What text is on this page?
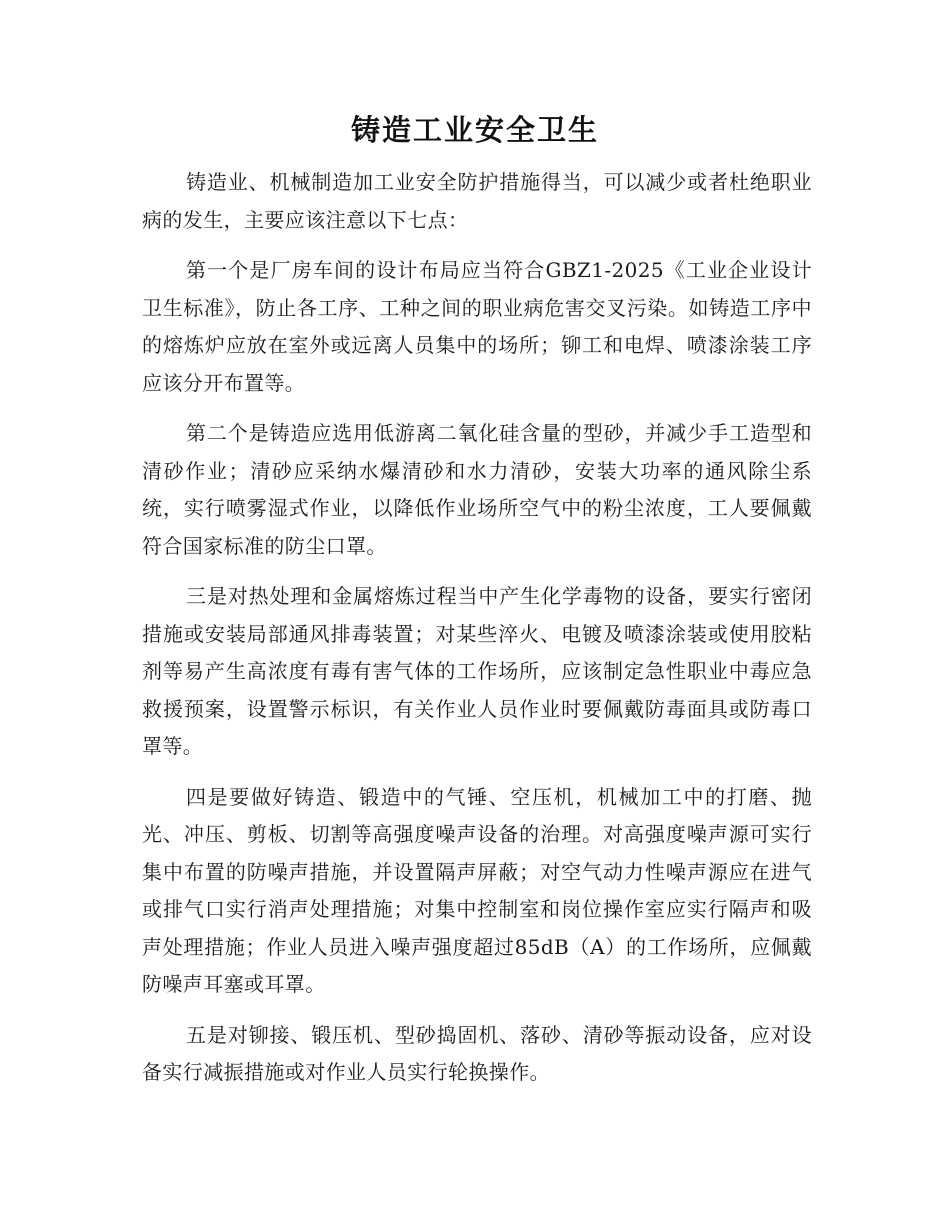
铸造工业安全卫生

铸造业、机械制造加工业安全防护措施得当，可以减少或者杜绝职业病的发生，主要应该注意以下七点：

第一个是厂房车间的设计布局应当符合GBZ1-2025《工业企业设计卫生标准》，防止各工序、工种之间的职业病危害交叉污染。如铸造工序中的熔炼炉应放在室外或远离人员集中的场所；铆工和电焊、喷漆涂装工序应该分开布置等。

第二个是铸造应选用低游离二氧化硅含量的型砂，并减少手工造型和清砂作业；清砂应采纳水爆清砂和水力清砂，安装大功率的通风除尘系统，实行喷雾湿式作业，以降低作业场所空气中的粉尘浓度，工人要佩戴符合国家标准的防尘口罩。

三是对热处理和金属熔炼过程当中产生化学毒物的设备，要实行密闭措施或安装局部通风排毒装置；对某些淬火、电镀及喷漆涂装或使用胶粘剂等易产生高浓度有毒有害气体的工作场所，应该制定急性职业中毒应急救援预案，设置警示标识，有关作业人员作业时要佩戴防毒面具或防毒口罩等。

四是要做好铸造、锻造中的气锤、空压机，机械加工中的打磨、抛光、冲压、剪板、切割等高强度噪声设备的治理。对高强度噪声源可实行集中布置的防噪声措施，并设置隔声屏蔽；对空气动力性噪声源应在进气或排气口实行消声处理措施；对集中控制室和岗位操作室应实行隔声和吸声处理措施；作业人员进入噪声强度超过85dB（A）的工作场所，应佩戴防噪声耳塞或耳罩。

五是对铆接、锻压机、型砂捣固机、落砂、清砂等振动设备，应对设备实行减振措施或对作业人员实行轮换操作。
